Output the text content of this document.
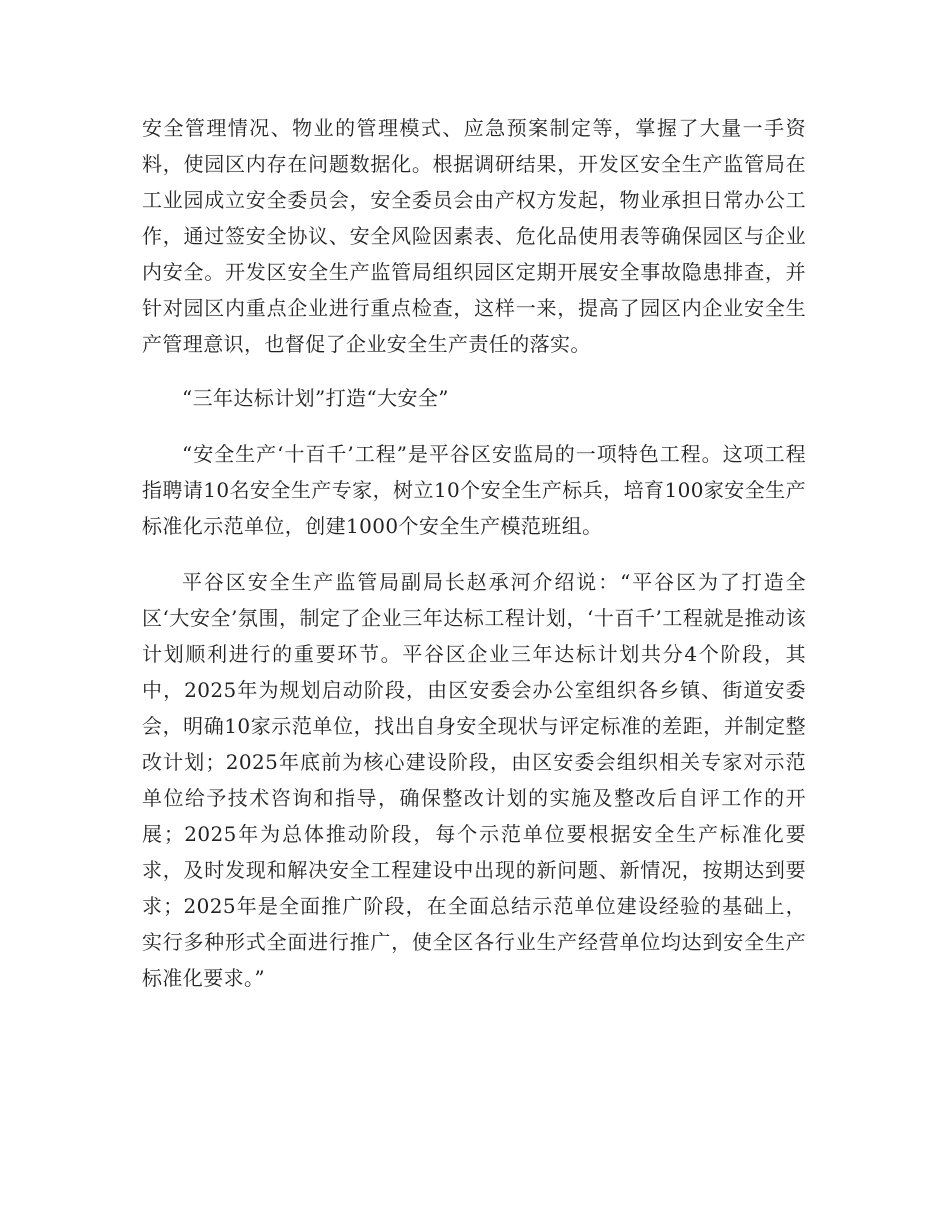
安全管理情况、物业的管理模式、应急预案制定等，掌握了大量一手资料，使园区内存在问题数据化。根据调研结果，开发区安全生产监管局在工业园成立安全委员会，安全委员会由产权方发起，物业承担日常办公工作，通过签安全协议、安全风险因素表、危化品使用表等确保园区与企业内安全。开发区安全生产监管局组织园区定期开展安全事故隐患排查，并针对园区内重点企业进行重点检查，这样一来，提高了园区内企业安全生产管理意识，也督促了企业安全生产责任的落实。

“三年达标计划”打造“大安全”

“安全生产‘十百千’工程”是平谷区安监局的一项特色工程。这项工程指聘请10名安全生产专家，树立10个安全生产标兵，培育100家安全生产标准化示范单位，创建1000个安全生产模范班组。

平谷区安全生产监管局副局长赵承河介绍说：“平谷区为了打造全区‘大安全’氛围，制定了企业三年达标工程计划，‘十百千’工程就是推动该计划顺利进行的重要环节。平谷区企业三年达标计划共分4个阶段，其中，2025年为规划启动阶段，由区安委会办公室组织各乡镇、街道安委会，明确10家示范单位，找出自身安全现状与评定标准的差距，并制定整改计划；2025年底前为核心建设阶段，由区安委会组织相关专家对示范单位给予技术咨询和指导，确保整改计划的实施及整改后自评工作的开展；2025年为总体推动阶段，每个示范单位要根据安全生产标准化要求，及时发现和解决安全工程建设中出现的新问题、新情况，按期达到要求；2025年是全面推广阶段，在全面总结示范单位建设经验的基础上，实行多种形式全面进行推广，使全区各行业生产经营单位均达到安全生产标准化要求。”
